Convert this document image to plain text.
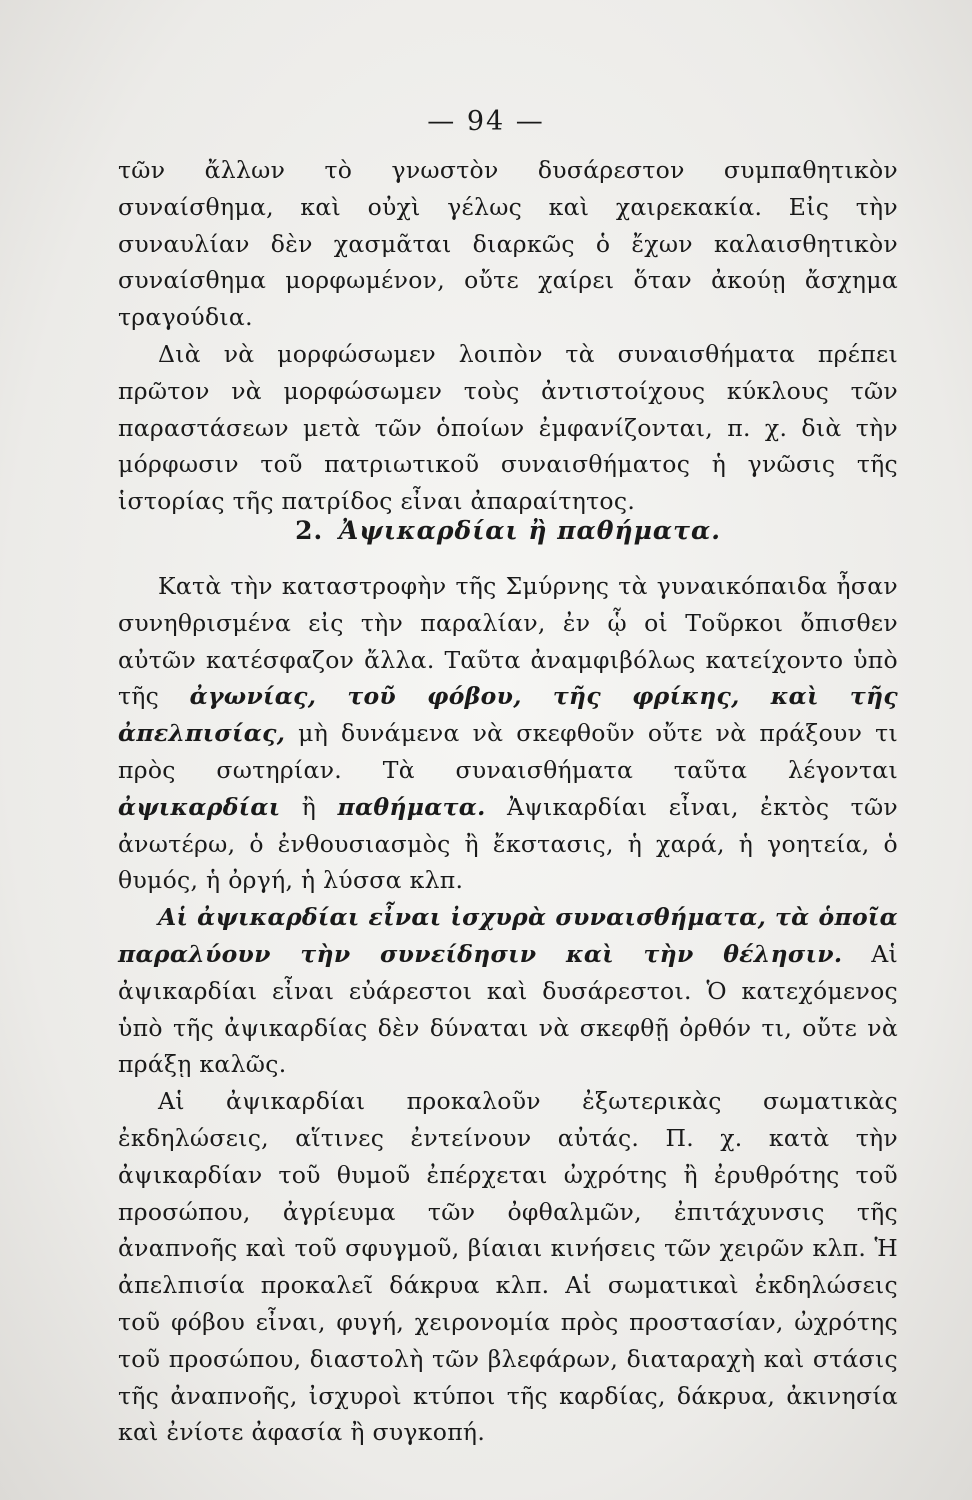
— 94 —

τῶν ἄλλων τὸ γνωστὸν δυσάρεστον συμπαθητικὸν συναίσθημα, καὶ οὐχὶ γέλως καὶ χαιρεκακία. Εἰς τὴν συναυλίαν δὲν χασμᾶται διαρκῶς ὁ ἔχων καλαισθητικὸν συναίσθημα μορφωμένον, οὔτε χαίρει ὅταν ἀκούῃ ἄσχημα τραγούδια.

Διὰ νὰ μορφώσωμεν λοιπὸν τὰ συναισθήματα πρέπει πρῶτον νὰ μορφώσωμεν τοὺς ἀντιστοίχους κύκλους τῶν παραστάσεων μετὰ τῶν ὁποίων ἐμφανίζονται, π. χ. διὰ τὴν μόρφωσιν τοῦ πατριωτικοῦ συναισθήματος ἡ γνῶσις τῆς ἱστορίας τῆς πατρίδος εἶναι ἀπαραίτητος.

2. Ἀψικαρδίαι ἢ παθήματα.

Κατὰ τὴν καταστροφὴν τῆς Σμύρνης τὰ γυναικόπαιδα ἦσαν συνηθρισμένα εἰς τὴν παραλίαν, ἐν ᾧ οἱ Τοῦρκοι ὄπισθεν αὐτῶν κατέσφαζον ἄλλα. Ταῦτα ἀναμφιβόλως κατείχοντο ὑπὸ τῆς ἀγωνίας, τοῦ φόβου, τῆς φρίκης, καὶ τῆς ἀπελπισίας, μὴ δυνάμενα νὰ σκεφθοῦν οὔτε νὰ πράξουν τι πρὸς σωτηρίαν. Τὰ συναισθήματα ταῦτα λέγονται ἀψικαρδίαι ἢ παθήματα. Ἀψικαρδίαι εἶναι, ἐκτὸς τῶν ἀνωτέρω, ὁ ἐνθουσιασμὸς ἢ ἔκστασις, ἡ χαρά, ἡ γοητεία, ὁ θυμός, ἡ ὀργή, ἡ λύσσα κλπ.

Αἱ ἀψικαρδίαι εἶναι ἰσχυρὰ συναισθήματα, τὰ ὁποῖα παραλύουν τὴν συνείδησιν καὶ τὴν θέλησιν. Αἱ ἀψικαρδίαι εἶναι εὐάρεστοι καὶ δυσάρεστοι. Ὁ κατεχόμενος ὑπὸ τῆς ἀψικαρδίας δὲν δύναται νὰ σκεφθῇ ὀρθόν τι, οὔτε νὰ πράξῃ καλῶς.

Αἱ ἀψικαρδίαι προκαλοῦν ἐξωτερικὰς σωματικὰς ἐκδηλώσεις, αἵτινες ἐντείνουν αὐτάς. Π. χ. κατὰ τὴν ἀψικαρδίαν τοῦ θυμοῦ ἐπέρχεται ὠχρότης ἢ ἐρυθρότης τοῦ προσώπου, ἀγρίευμα τῶν ὀφθαλμῶν, ἐπιτάχυνσις τῆς ἀναπνοῆς καὶ τοῦ σφυγμοῦ, βίαιαι κινήσεις τῶν χειρῶν κλπ. Ἡ ἀπελπισία προκαλεῖ δάκρυα κλπ. Αἱ σωματικαὶ ἐκδηλώσεις τοῦ φόβου εἶναι, φυγή, χειρονομία πρὸς προστασίαν, ὠχρότης τοῦ προσώπου, διαστολὴ τῶν βλεφάρων, διαταραχὴ καὶ στάσις τῆς ἀναπνοῆς, ἰσχυροὶ κτύποι τῆς καρδίας, δάκρυα, ἀκινησία καὶ ἐνίοτε ἀφασία ἢ συγκοπή.
